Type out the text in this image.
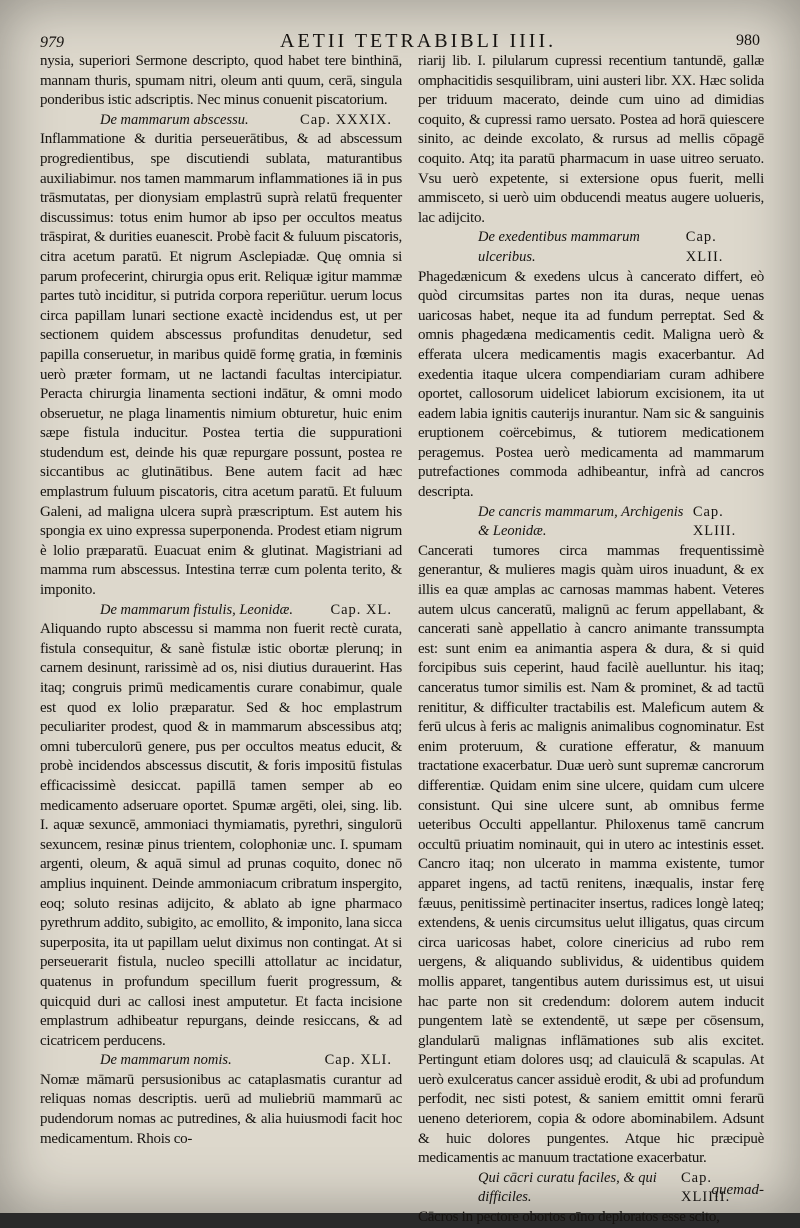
979	AETII TETRABIBLI IIII.	980

nysia, superiori Sermone descripto, quod habet tere binthinā, mannam thuris, spumam nitri, oleum anti quum, cerā, singula ponderibus istic adscriptis. Nec minus conuenit piscatorium.

De mammarum abscessu.	Cap. XXXIX.

Inflammatione & duritia perseuerātibus, & ad abscessum progredientibus, spe discutiendi sublata, maturantibus auxiliabimur. nos tamen mammarum inflammationes iā in pus trāsmutatas, per dionysiam emplastrū suprà relatū frequenter discussimus: totus enim humor ab ipso per occultos meatus trāspirat, & durities euanescit. Probè facit & fuluum piscatoris, citra acetum paratū. Et nigrum Asclepiadæ. Quę omnia si parum profecerint, chirurgia opus erit. Reliquæ igitur mammæ partes tutò inciditur, si putrida corpora reperiūtur. uerum locus circa papillam lunari sectione exactè incidendus est, ut per sectionem quidem abscessus profunditas denudetur, sed papilla conseruetur, in maribus quidē formę gratia, in fœminis uerò præter formam, ut ne lactandi facultas intercipiatur. Peracta chirurgia linamenta sectioni indātur, & omni modo obseruetur, ne plaga linamentis nimium obturetur, huic enim sæpe fistula inducitur. Postea tertia die suppurationi studendum est, deinde his quæ repurgare possunt, postea re siccantibus ac glutinātibus. Bene autem facit ad hæc emplastrum fuluum piscatoris, citra acetum paratū. Et fuluum Galeni, ad maligna ulcera suprà præscriptum. Est autem his spongia ex uino expressa superponenda. Prodest etiam nigrum è lolio præparatū. Euacuat enim & glutinat. Magistriani ad mamma rum abscessus. Intestina terræ cum polenta terito, & imponito.

De mammarum fistulis, Leonidæ.	Cap. XL.

Aliquando rupto abscessu si mamma non fuerit rectè curata, fistula consequitur, & sanè fistulæ istic obortæ plerunq; in carnem desinunt, rarissimè ad os, nisi diutius durauerint. Has itaq; congruis primū medicamentis curare conabimur, quale est quod ex lolio præparatur. Sed & hoc emplastrum peculiariter prodest, quod & in mammarum abscessibus atq; omni tuberculorū genere, pus per occultos meatus educit, & probè incidendos abscessus discutit, & foris impositū fistulas efficacissimè desiccat. papillā tamen semper ab eo medicamento adseruare oportet. Spumæ argēti, olei, sing. lib. I. aquæ sexuncē, ammoniaci thymiamatis, pyrethri, singulorū sexuncem, resinæ pinus trientem, colophoniæ unc. I. spumam argenti, oleum, & aquā simul ad prunas coquito, donec nō amplius inquinent. Deinde ammoniacum cribratum inspergito, eoq; soluto resinas adijcito, & ablato ab igne pharmaco pyrethrum addito, subigito, ac emollito, & imponito, lana sicca superposita, ita ut papillam uelut diximus non contingat. At si perseuerarit fistula, nucleo specilli attollatur ac incidatur, quatenus in profundum specillum fuerit progressum, & quicquid duri ac callosi inest amputetur. Et facta incisione emplastrum adhibeatur repurgans, deinde resiccans, & ad cicatricem perducens.

De mammarum nomis.	Cap. XLI.

Nomæ māmarū persusionibus ac cataplasmatis curantur ad reliquas nomas descriptis. uerū ad muliebriū mammarū ac pudendorum nomas ac putredines, & alia huiusmodi facit hoc medicamentum. Rhois co-

riarij lib. I. pilularum cupressi recentium tantundē, gallæ omphacitidis sesquilibram, uini austeri libr. XX. Hæc solida per triduum macerato, deinde cum uino ad dimidias coquito, & cupressi ramo uersato. Postea ad horā quiescere sinito, ac deinde excolato, & rursus ad mellis cōpagē coquito. Atq; ita paratū pharmacum in uase uitreo seruato. Vsu uerò expetente, si extersione opus fuerit, melli ammisceto, si uerò uim obducendi meatus augere uolueris, lac adijcito.

De exedentibus mammarum ulceribus.
Cap. XLII.

Phagedænicum & exedens ulcus à cancerato differt, eò quòd circumsitas partes non ita duras, neque uenas uaricosas habet, neque ita ad fundum perreptat. Sed & omnis phagedæna medicamentis cedit. Maligna uerò & efferata ulcera medicamentis magis exacerbantur. Ad exedentia itaque ulcera compendiariam curam adhibere oportet, callosorum uidelicet labiorum excisionem, ita ut eadem labia ignitis cauterijs inurantur. Nam sic & sanguinis eruptionem coërcebimus, & tutiorem medicationem peragemus. Postea uerò medicamenta ad mammarum putrefactiones commoda adhibeantur, infrà ad cancros descripta.

De cancris mammarum, Archigenis & Leonidæ.
Cap. XLIII.

Cancerati tumores circa mammas frequentissimè generantur, & mulieres magis quàm uiros inuadunt, & ex illis ea quæ amplas ac carnosas mammas habent. Veteres autem ulcus canceratū, malignū ac ferum appellabant, & cancerati sanè appellatio à cancro animante transsumpta est: sunt enim ea animantia aspera & dura, & si quid forcipibus suis ceperint, haud facilè auelluntur. his itaq; canceratus tumor similis est. Nam & prominet, & ad tactū renititur, & difficulter tractabilis est. Maleficum autem & ferū ulcus à feris ac malignis animalibus cognominatur. Est enim proteruum, & curatione efferatur, & manuum tractatione exacerbatur. Duæ uerò sunt supremæ cancrorum differentiæ. Quidam enim sine ulcere, quidam cum ulcere consistunt. Qui sine ulcere sunt, ab omnibus ferme ueteribus Occulti appellantur. Philoxenus tamē cancrum occultū priuatim nominauit, qui in utero ac intestinis esset. Cancro itaq; non ulcerato in mamma existente, tumor apparet ingens, ad tactū renitens, inæqualis, instar ferę fæuus, penitissimè pertinaciter insertus, radices longè lateq; extendens, & uenis circumsitus uelut illigatus, quas circum circa uaricosas habet, colore cinericius ad rubo rem uergens, & aliquando sublividus, & uidentibus quidem mollis apparet, tangentibus autem durissimus est, ut uisui hac parte non sit credendum: dolorem autem inducit pungentem latè se extendentē, ut sæpe per cōsensum, glandularū malignas inflāmationes sub alis excitet. Pertingunt etiam dolores usq; ad clauiculā & scapulas. At uerò exulceratus cancer assiduè erodit, & ubi ad profundum perfodit, nec sisti potest, & saniem emittit omni ferarū ueneno deteriorem, copia & odore abominabilem. Adsunt & huic dolores pungentes. Atque hic præcipuè medicamentis ac manuum tractatione exacerbatur.

Qui cācri curatu faciles, & qui difficiles.
Cap. XLIIII.

Cācros in pectore obortos oīno deploratos esse scito,

quemad-
